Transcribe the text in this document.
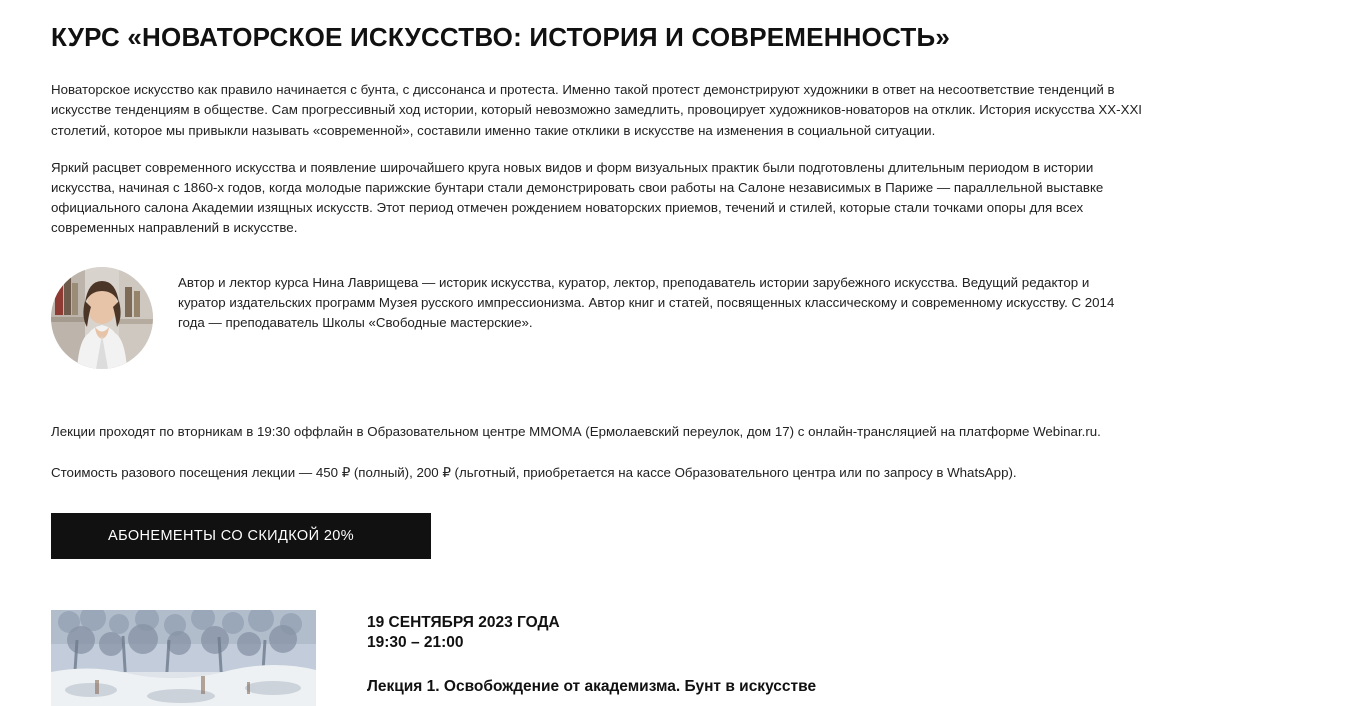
КУРС «НОВАТОРСКОЕ ИСКУССТВО: ИСТОРИЯ И СОВРЕМЕННОСТЬ»

Новаторское искусство как правило начинается с бунта, с диссонанса и протеста. Именно такой протест демонстрируют художники в ответ на несоответствие тенденций в искусстве тенденциям в обществе. Сам прогрессивный ход истории, который невозможно замедлить, провоцирует художников-новаторов на отклик. История искусства XX-XXI столетий, которое мы привыкли называть «современной», составили именно такие отклики в искусстве на изменения в социальной ситуации.

Яркий расцвет современного искусства и появление широчайшего круга новых видов и форм визуальных практик были подготовлены длительным периодом в истории искусства, начиная с 1860-х годов, когда молодые парижские бунтари стали демонстрировать свои работы на Салоне независимых в Париже — параллельной выставке официального салона Академии изящных искусств. Этот период отмечен рождением новаторских приемов, течений и стилей, которые стали точками опоры для всех современных направлений в искусстве.

Автор и лектор курса Нина Лаврищева — историк искусства, куратор, лектор, преподаватель истории зарубежного искусства. Ведущий редактор и куратор издательских программ Музея русского импрессионизма. Автор книг и статей, посвященных классическому и современному искусству. С 2014 года — преподаватель Школы «Свободные мастерские».

Лекции проходят по вторникам в 19:30 оффлайн в Образовательном центре ММОМА (Ермолаевский переулок, дом 17) с онлайн-трансляцией на платформе Webinar.ru.

Стоимость разового посещения лекции — 450 ₽ (полный), 200 ₽ (льготный, приобретается на кассе Образовательного центра или по запросу в WhatsApp).

АБОНЕМЕНТЫ СО СКИДКОЙ 20%

19 СЕНТЯБРЯ 2023 ГОДА

19:30 – 21:00

Лекция 1. Освобождение от академизма. Бунт в искусстве
